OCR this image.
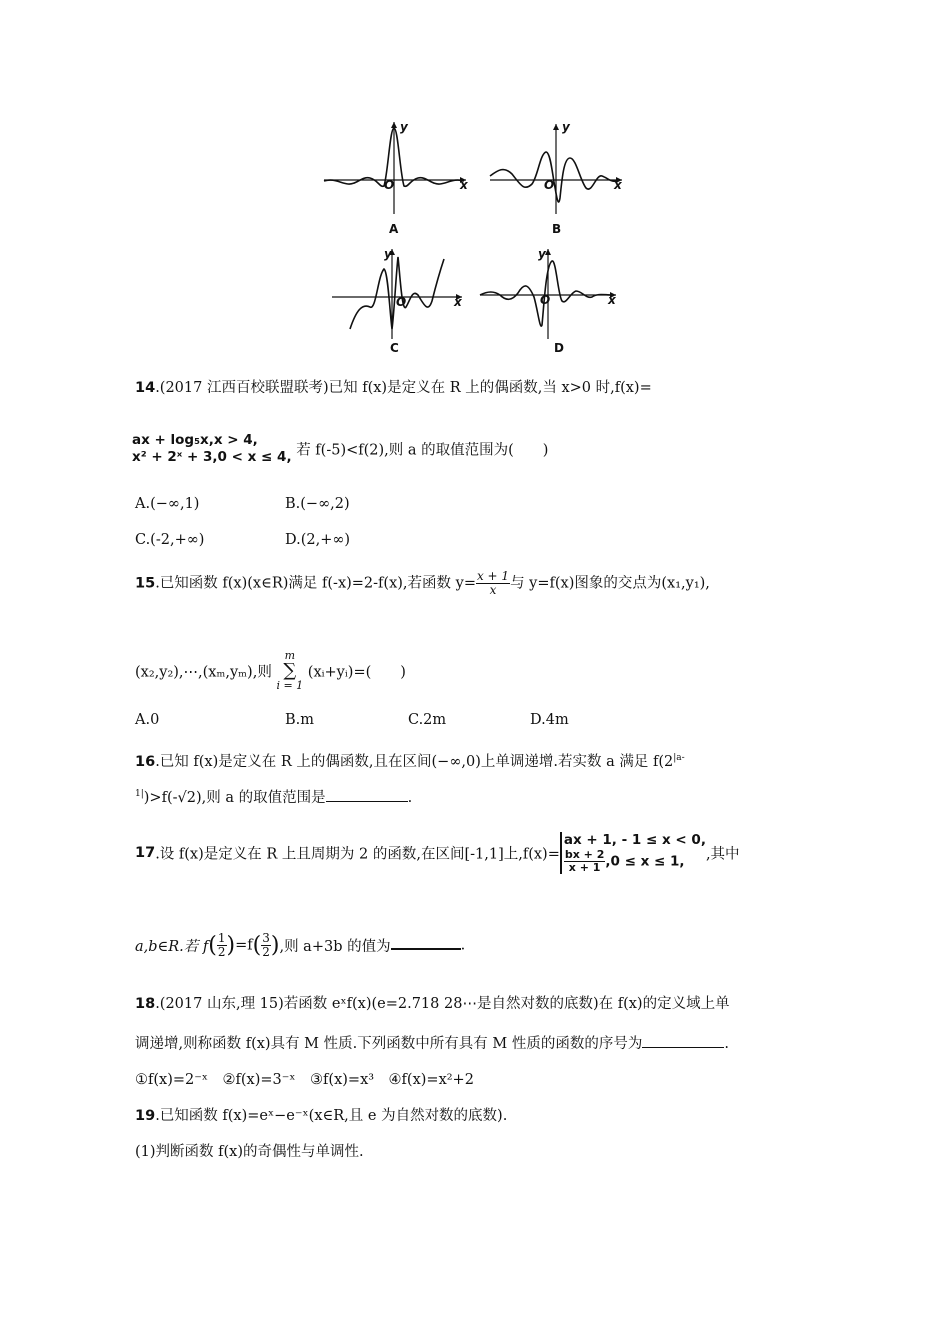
y
x
O
A
y
x
O
B
y
x
O
C
y
x
O
D
14.(2017 江西百校联盟联考)已知 f(x)是定义在 R 上的偶函数,当 x>0 时,f(x)=
ax + log₅x,x > 4,
x² + 2ˣ + 3,0 < x ≤ 4, 若 f(-5)<f(2),则 a 的取值范围为(　　)
A.(−∞,1)	B.(−∞,2)
C.(-2,+∞)	D.(2,+∞)
15.已知函数 f(x)(x∈R)满足 f(-x)=2-f(x),若函数 $y= \frac{x + 1}{x}$ 与 y=f(x)图象的交点为(x₁,y₁),
(x₂,y₂),⋯,(xₘ,yₘ),则
m
∑
i = 1
(xᵢ+yᵢ)=(　　)
A.0	B.m	C.2m	D.4m
16.已知 f(x)是定义在 R 上的偶函数,且在区间(−∞,0)上单调递增.若实数 a 满足 $f(2^{|a-}$
$^{1|}$)>f(-√2),则 a 的取值范围是	.
17.设 f(x)是定义在 R 上且周期为 2 的函数,在区间[-1,1]上,f(x)=
ax + 1, - 1 ≤ x < 0,
$\frac{bx + 2}{x + 1} ,0 \le x \le 1$,	,其中
a,b∈R.若 $f( \frac{1}{2} )=f( \frac{3}{2}$ ),则 a+3b 的值为	.
18.(2017 山东,理 15)若函数 eˣf(x)(e=2.718 28⋯是自然对数的底数)在 f(x)的定义域上单
调递增,则称函数 f(x)具有 M 性质.下列函数中所有具有 M 性质的函数的序号为	.
①f(x)=2⁻ˣ　②f(x)=3⁻ˣ　③f(x)=x³　④f(x)=x²+2
19.已知函数 f(x)=eˣ−e⁻ˣ(x∈R,且 e 为自然对数的底数).
(1)判断函数 f(x)的奇偶性与单调性.
